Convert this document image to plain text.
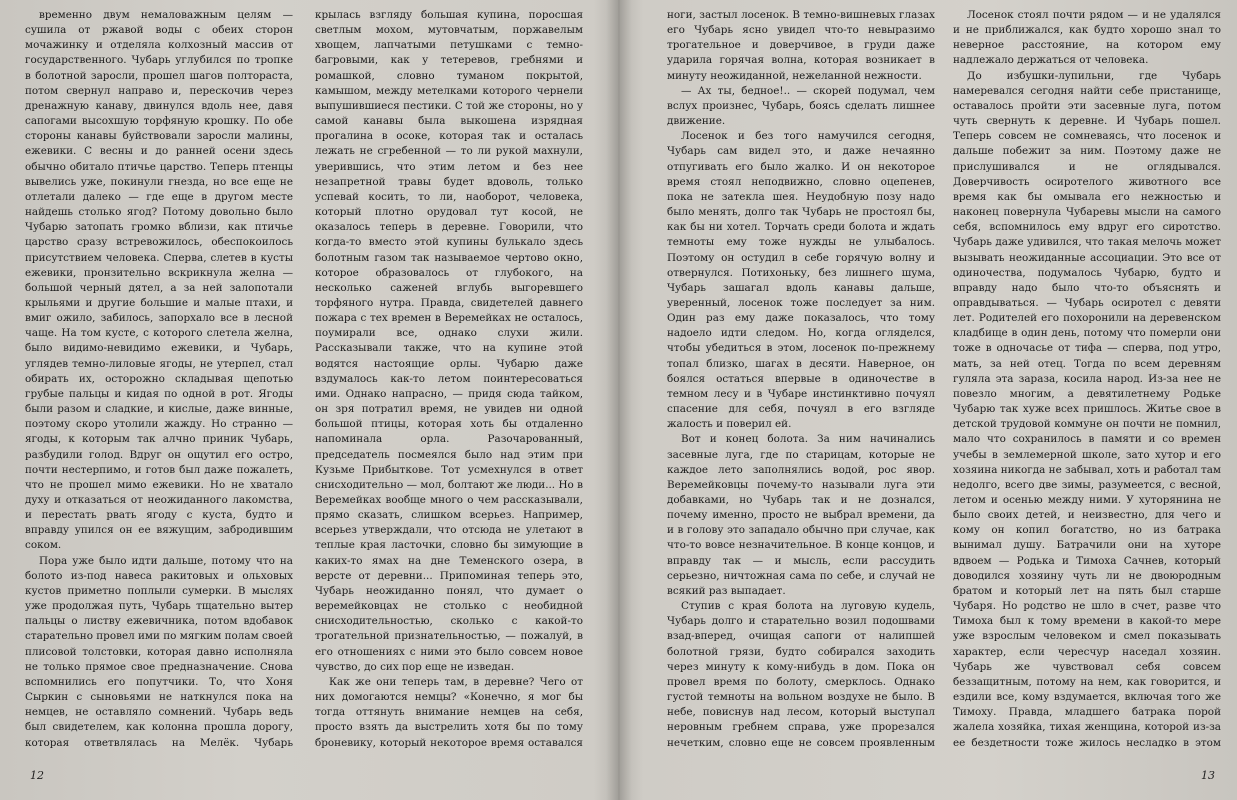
временно двум немаловажным целям — сушила от ржавой воды с обеих сторон мочажинку и отделяла колхозный массив от государственного. Чубарь углубился по тропке в болотной заросли, прошел шагов полтораста, потом свернул направо и, перескочив через дренажную канаву, двинулся вдоль нее, давя сапогами высохшую торфяную крошку. По обе стороны канавы буйствовали заросли малины, ежевики. С весны и до ранней осени здесь обычно обитало птичье царство. Теперь птенцы вывелись уже, покинули гнезда, но все еще не отлетали далеко — где еще в другом месте найдешь столько ягод? Потому довольно было Чубарю затопать громко вблизи, как птичье царство сразу встревожилось, обеспокоилось присутствием человека. Сперва, слетев в кусты ежевики, пронзительно вскрикнула желна — большой черный дятел, а за ней залопотали крыльями и другие большие и малые птахи, и вмиг ожило, забилось, запорхало все в лесной чаще. На том кусте, с которого слетела желна, было видимо-невидимо ежевики, и Чубарь, углядев темно-лиловые ягоды, не утерпел, стал обирать их, осторожно складывая щепотью грубые пальцы и кидая по одной в рот. Ягоды были разом и сладкие, и кислые, даже винные, поэтому скоро утолили жажду. Но странно — ягоды, к которым так алчно приник Чубарь, разбудили голод. Вдруг он ощутил его остро, почти нестерпимо, и готов был даже пожалеть, что не прошел мимо ежевики. Но не хватало духу и отказаться от неожиданного лакомства, и перестать рвать ягоду с куста, будто и вправду упился он ее вяжущим, забродившим соком.

Пора уже было идти дальше, потому что на болото из-под навеса ракитовых и ольховых кустов приметно поплыли сумерки. В мыслях уже продолжая путь, Чубарь тщательно вытер пальцы о листву ежевичника, потом вдобавок старательно провел ими по мягким полам своей плисовой толстовки, которая давно исполняла не только прямое свое предназначение. Снова вспомнились его попутчики. То, что Хоня Сыркин с сыновьями не наткнулся пока на немцев, не оставляло сомнений. Чубарь ведь был свидетелем, как колонна прошла дорогу, которая ответвлялась на Мелёк. Чубарь

крылась взгляду большая купина, поросшая светлым мохом, мутовчатым, поржавелым хвощем, лапчатыми петушками с темно-багровыми, как у тетеревов, гребнями и ромашкой, словно туманом покрытой, камышом, между метелками которого чернели выпушившиеся пестики. С той же стороны, но у самой канавы была выкошена изрядная прогалина в осоке, которая так и осталась лежать не сгребенной — то ли рукой махнули, уверившись, что этим летом и без нее незапретной травы будет вдоволь, только успевай косить, то ли, наоборот, человека, который плотно орудовал тут косой, не оказалось теперь в деревне. Говорили, что когда-то вместо этой купины булькало здесь болотным газом так называемое чертово окно, которое образовалось от глубокого, на несколько саженей вглубь выгоревшего торфяного нутра. Правда, свидетелей давнего пожара с тех времен в Веремейках не осталось, поумирали все, однако слухи жили. Рассказывали также, что на купине этой водятся настоящие орлы. Чубарю даже вздумалось как-то летом поинтересоваться ими. Однако напрасно, — придя сюда тайком, он зря потратил время, не увидев ни одной большой птицы, которая хоть бы отдаленно напоминала орла. Разочарованный, председатель посмеялся было над этим при Кузьме Прибыткове. Тот усмехнулся в ответ снисходительно — мол, болтают же люди... Но в Веремейках вообще много о чем рассказывали, прямо сказать, слишком всерьез. Например, всерьез утверждали, что отсюда не улетают в теплые края ласточки, словно бы зимующие в каких-то ямах на дне Теменского озера, в версте от деревни... Припоминая теперь это, Чубарь неожиданно понял, что думает о веремейковцах не столько с необидной снисходительностью, сколько с какой-то трогательной признательностью, — пожалуй, в его отношениях с ними это было совсем новое чувство, до сих пор еще не изведан.

Как же они теперь там, в деревне? Чего от них домогаются немцы? «Конечно, я мог бы тогда оттянуть внимание немцев на себя, просто взять да выстрелить хотя бы по тому броневику, который некоторое время оставался

12

ноги, застыл лосенок. В темно-вишневых глазах его Чубарь ясно увидел что-то невыразимо трогательное и доверчивое, в груди даже ударила горячая волна, которая возникает в минуту неожиданной, нежеланной нежности.

— Ах ты, бедное!.. — скорей подумал, чем вслух произнес, Чубарь, боясь сделать лишнее движение.

Лосенок и без того намучился сегодня, Чубарь сам видел это, и даже нечаянно отпугивать его было жалко. И он некоторое время стоял неподвижно, словно оцепенев, пока не затекла шея. Неудобную позу надо было менять, долго так Чубарь не простоял бы, как бы ни хотел. Торчать среди болота и ждать темноты ему тоже нужды не улыбалось. Поэтому он остудил в себе горячую волну и отвернулся. Потихоньку, без лишнего шума, Чубарь зашагал вдоль канавы дальше, уверенный, лосенок тоже последует за ним. Один раз ему даже показалось, что тому надоело идти следом. Но, когда огляделся, чтобы убедиться в этом, лосенок по-прежнему топал близко, шагах в десяти. Наверное, он боялся остаться впервые в одиночестве в темном лесу и в Чубаре инстинктивно почуял спасение для себя, почуял в его взгляде жалость и поверил ей.

Вот и конец болота. За ним начинались засевные луга, где по старицам, которые не каждое лето заполнялись водой, рос явор. Веремейковцы почему-то называли луга эти добавками, но Чубарь так и не дознался, почему именно, просто не выбрал времени, да и в голову это западало обычно при случае, как что-то вовсе незначительное. В конце концов, и вправду так — и мысль, если рассудить серьезно, ничтожная сама по себе, и случай не всякий раз выпадает.

Ступив с края болота на луговую кудель, Чубарь долго и старательно возил подошвами взад-вперед, очищая сапоги от налипшей болотной грязи, будто собирался заходить через минуту к кому-нибудь в дом. Пока он провел время по болоту, смерклось. Однако густой темноты на вольном воздухе не было. В небе, повиснув над лесом, который выступал неровным гребнем справа, уже прорезался нечетким, словно еще не совсем проявленным

Лосенок стоял почти рядом — и не удалялся и не приближался, как будто хорошо знал то неверное расстояние, на котором ему надлежало держаться от человека.

До избушки-лупильни, где Чубарь намеревался сегодня найти себе пристанище, оставалось пройти эти засевные луга, потом чуть свернуть к деревне. И Чубарь пошел. Теперь совсем не сомневаясь, что лосенок и дальше побежит за ним. Поэтому даже не прислушивался и не оглядывался. Доверчивость осиротелого животного все время как бы омывала его нежностью и наконец повернула Чубаревы мысли на самого себя, вспомнилось ему вдруг его сиротство. Чубарь даже удивился, что такая мелочь может вызывать неожиданные ассоциации. Это все от одиночества, подумалось Чубарю, будто и вправду надо было что-то объяснять и оправдываться. — Чубарь осиротел с девяти лет. Родителей его похоронили на деревенском кладбище в один день, потому что померли они тоже в одночасье от тифа — сперва, под утро, мать, за ней отец. Тогда по всем деревням гуляла эта зараза, косила народ. Из-за нее не повезло многим, а девятилетнему Родьке Чубарю так хуже всех пришлось. Житье свое в детской трудовой коммуне он почти не помнил, мало что сохранилось в памяти и со времен учебы в землемерной школе, зато хутор и его хозяина никогда не забывал, хоть и работал там недолго, всего две зимы, разумеется, с весной, летом и осенью между ними. У хуторянина не было своих детей, и неизвестно, для чего и кому он копил богатство, но из батрака вынимал душу. Батрачили они на хуторе вдвоем — Родька и Тимоха Сачнев, который доводился хозяину чуть ли не двоюродным братом и который лет на пять был старше Чубаря. Но родство не шло в счет, разве что Тимоха был к тому времени в какой-то мере уже взрослым человеком и смел показывать характер, если чересчур наседал хозяин. Чубарь же чувствовал себя совсем беззащитным, потому на нем, как говорится, и ездили все, кому вздумается, включая того же Тимоху. Правда, младшего батрака порой жалела хозяйка, тихая женщина, которой из-за ее бездетности тоже жилось несладко в этом

13
